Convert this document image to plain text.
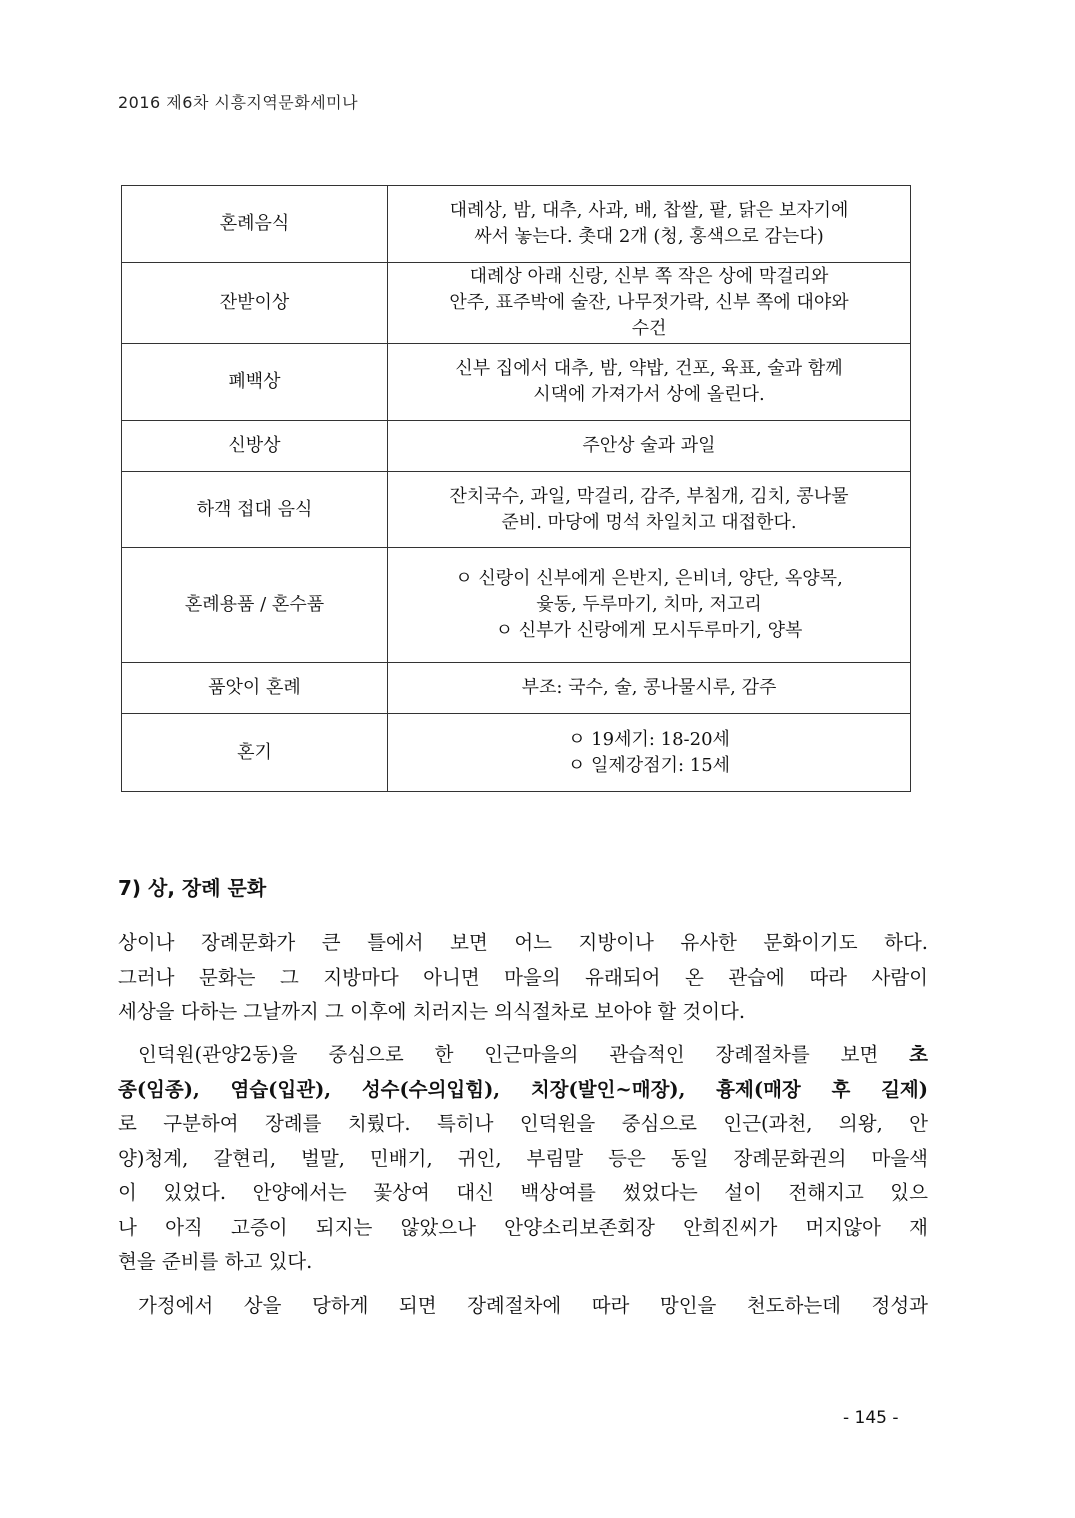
2016 제6차 시흥지역문화세미나
혼례음식	대례상, 밤, 대추, 사과, 배, 찹쌀, 팥, 닭은 보자기에
싸서 놓는다. 촛대 2개 (청, 홍색으로 감는다)

잔받이상	대례상 아래 신랑, 신부 쪽 작은 상에 막걸리와
안주, 표주박에 술잔, 나무젓가락, 신부 쪽에 대야와
수건

폐백상	신부 집에서 대추, 밤, 약밥, 건포, 육표, 술과 함께
시댁에 가져가서 상에 올린다.

신방상	주안상 술과 과일

하객 접대 음식	잔치국수, 과일, 막걸리, 감주, 부침개, 김치, 콩나물
준비. 마당에 멍석 차일치고 대접한다.

혼례용품 / 혼수품	ㅇ 신랑이 신부에게 은반지, 은비녀, 양단, 옥양목,
윷동, 두루마기, 치마, 저고리
ㅇ 신부가 신랑에게 모시두루마기, 양복

품앗이 혼례	부조: 국수, 술, 콩나물시루, 감주

혼기	ㅇ 19세기: 18-20세
ㅇ 일제강점기: 15세
7) 상, 장례 문화

상이나 장례문화가 큰 틀에서 보면 어느 지방이나 유사한 문화이기도 하다.
그러나 문화는 그 지방마다 아니면 마을의 유래되어 온 관습에 따라 사람이
세상을 다하는 그날까지 그 이후에 치러지는 의식절차로 보아야 할 것이다.

인덕원(관양2동)을 중심으로 한 인근마을의 관습적인 장례절차를 보면 초
종(임종), 염습(입관), 성수(수의입힘), 치장(발인~매장), 흉제(매장 후 길제)
로 구분하여 장례를 치뤘다. 특히나 인덕원을 중심으로 인근(과천, 의왕, 안
양)청계, 갈현리, 벌말, 민배기, 귀인, 부림말 등은 동일 장례문화권의 마을색
이 있었다. 안양에서는 꽃상여 대신 백상여를 썼었다는 설이 전해지고 있으
나 아직 고증이 되지는 않았으나 안양소리보존회장 안희진씨가 머지않아 재
현을 준비를 하고 있다.

가정에서 상을 당하게 되면 장례절차에 따라 망인을 천도하는데 정성과

- 145 -
